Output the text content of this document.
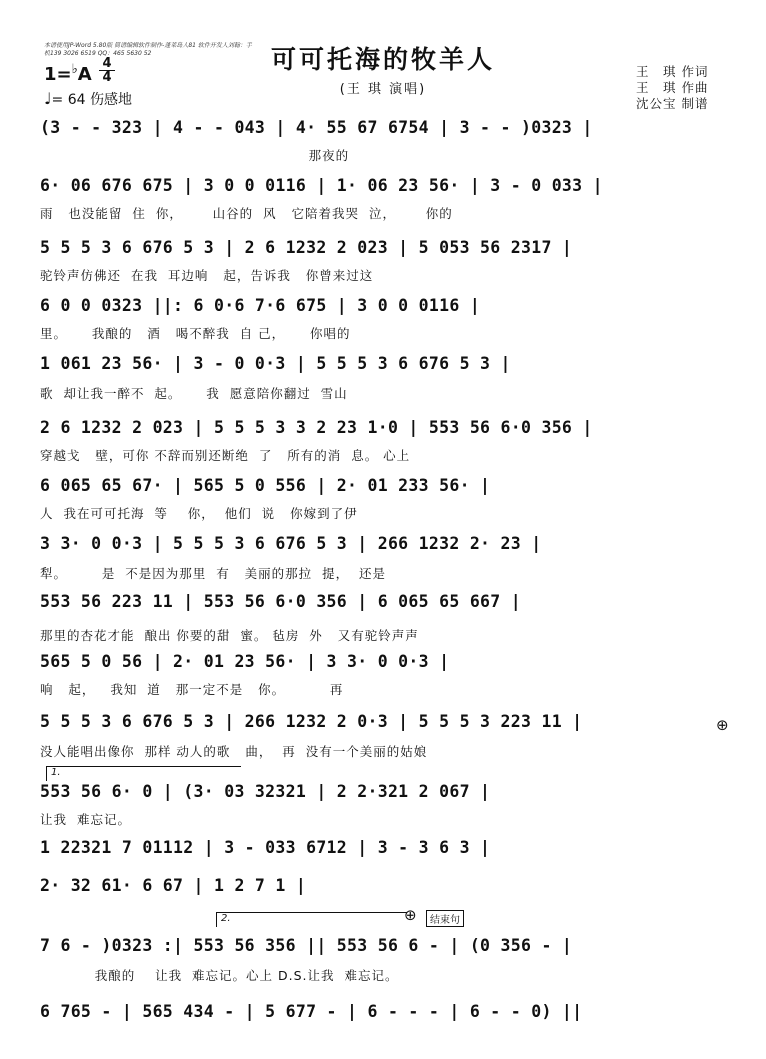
本谱使用JP-Word 5.80版 简谱编辑软件制作-蓬莱岛人81 软件开发人刘翰：手机139 3026 6519 QQ：465 5630 52	可可托海的牧羊人
(王 琪 演唱)
1=♭A
4
4
♩= 64 伤感地
王　琪 作词
王　琪 作曲
沈公宝 制谱
(3 - - 323 | 4 - - 043 | 4· 55 67 6754 | 3 - - )0323 |
那夜的
6· 06 676 675 | 3 0 0 0116 | 1· 06 23 56· | 3 - 0 033 |
雨   也没能留  住  你，      山谷的  风   它陪着我哭  泣，      你的
5 5 5 3 6 676 5 3 | 2 6 1232 2 023 | 5 053 56 2317 |
驼铃声仿佛还  在我  耳边响   起，告诉我   你曾来过这
6 0 0 0323 ||: 6 0·6 7·6 675 | 3 0 0 0116 |
里。     我酿的   酒   喝不醉我  自 己，     你唱的
1 061 23 56· | 3 - 0 0·3 | 5 5 5 3 6 676 5 3 |
歌  却让我一醉不  起。     我  愿意陪你翻过  雪山
2 6 1232 2 023 | 5 5 5 3 3 2 23 1·0 | 553 56 6·0 356 |
穿越戈   壁，可你 不辞而别还断绝  了   所有的消  息。 心上
6 065 65 67· | 565 5 0 556 | 2· 01 233 56· |
人  我在可可托海  等    你，  他们  说   你嫁到了伊
3 3· 0 0·3 | 5 5 5 3 6 676 5 3 | 266 1232 2· 23 |
犁。       是  不是因为那里  有   美丽的那拉  提，  还是
553 56 223 11 | 553 56 6·0 356 | 6 065 65 667 |
那里的杏花才能  酿出 你要的甜  蜜。 毡房  外   又有驼铃声声
565 5 0 56 | 2· 01 23 56· | 3 3· 0 0·3 |
响   起，   我知  道   那一定不是   你。         再
⊕
5 5 5 3 6 676 5 3 | 266 1232 2 0·3 | 5 5 5 3 223 11 |
没人能唱出像你  那样 动人的歌   曲，  再  没有一个美丽的姑娘
1.
553 56 6· 0 | (3· 03 32321 | 2 2·321 2 067 |
让我  难忘记。
1 22321 7 01112 | 3 - 033 6712 | 3 - 3 6 3 |
2· 32 61· 6 67 | 1 2 7 1 |
2.	⊕	结束句
7 6 - )0323 :| 553 56 356 || 553 56 6 - | (0 356 - |
我酿的    让我  难忘记。心上 D.S.让我  难忘记。
6 765 - | 565 434 - | 5 677 - | 6 - - - | 6 - - 0) ||
